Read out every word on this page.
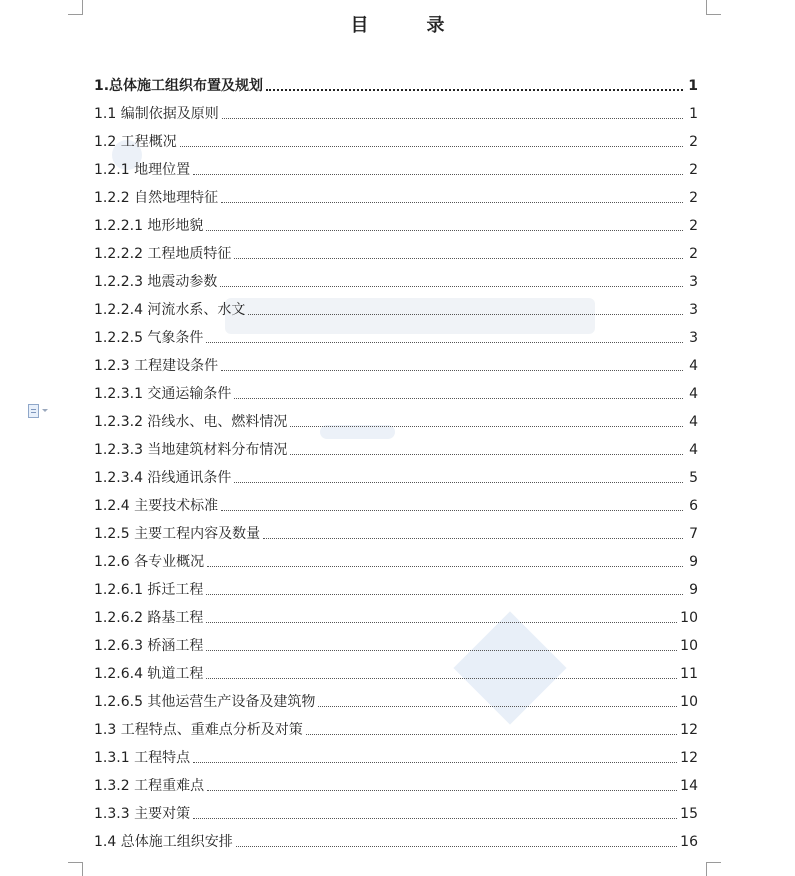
目　录
1.总体施工组织布置及规划	1
1.1 编制依据及原则	1
1.2 工程概况	2
1.2.1 地理位置	2
1.2.2 自然地理特征	2
1.2.2.1 地形地貌	2
1.2.2.2 工程地质特征	2
1.2.2.3 地震动参数	3
1.2.2.4 河流水系、水文	3
1.2.2.5 气象条件	3
1.2.3 工程建设条件	4
1.2.3.1 交通运输条件	4
1.2.3.2 沿线水、电、燃料情况	4
1.2.3.3 当地建筑材料分布情况	4
1.2.3.4 沿线通讯条件	5
1.2.4 主要技术标准	6
1.2.5 主要工程内容及数量	7
1.2.6 各专业概况	9
1.2.6.1 拆迁工程	9
1.2.6.2 路基工程	10
1.2.6.3 桥涵工程	10
1.2.6.4 轨道工程	11
1.2.6.5 其他运营生产设备及建筑物	10
1.3 工程特点、重难点分析及对策	12
1.3.1 工程特点	12
1.3.2 工程重难点	14
1.3.3 主要对策	15
1.4 总体施工组织安排	16
